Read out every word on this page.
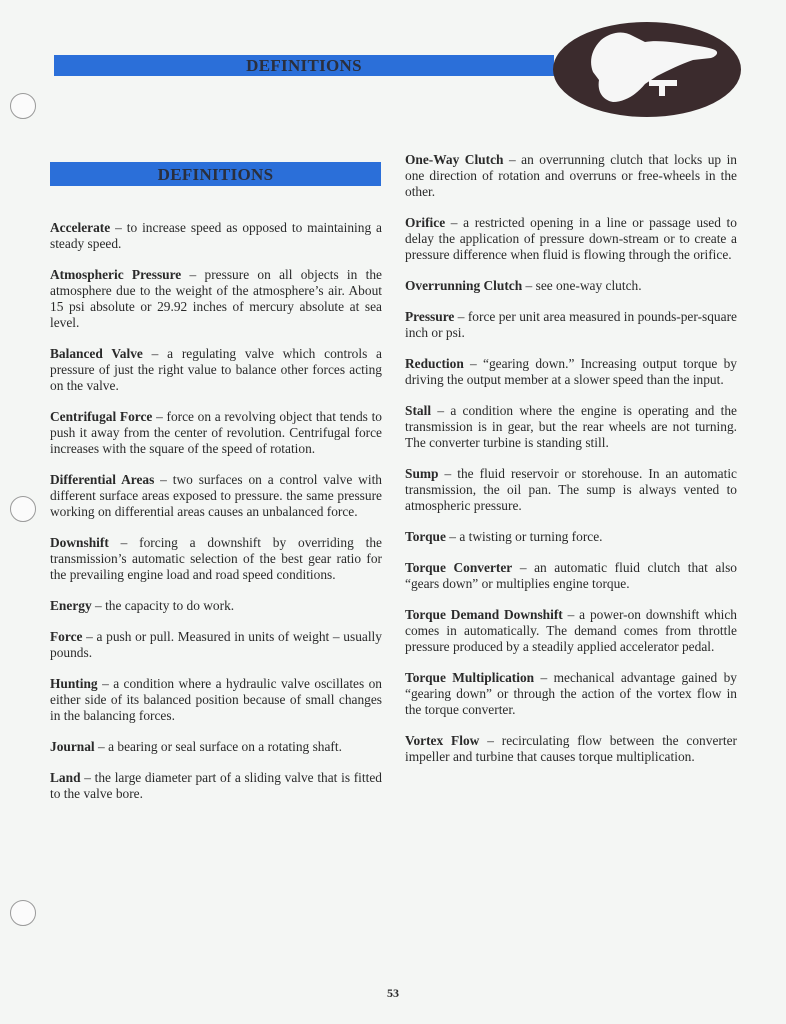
DEFINITIONS
DEFINITIONS

Accelerate – to increase speed as opposed to maintaining a steady speed.

Atmospheric Pressure – pressure on all objects in the atmosphere due to the weight of the atmosphere’s air. About 15 psi absolute or 29.92 inches of mercury absolute at sea level.

Balanced Valve – a regulating valve which controls a pressure of just the right value to balance other forces acting on the valve.

Centrifugal Force – force on a revolving object that tends to push it away from the center of revolution. Centrifugal force increases with the square of the speed of rotation.

Differential Areas – two surfaces on a control valve with different surface areas exposed to pressure. the same pressure working on differential areas causes an unbalanced force.

Downshift – forcing a downshift by overriding the transmission’s automatic selection of the best gear ratio for the prevailing engine load and road speed conditions.

Energy – the capacity to do work.

Force – a push or pull. Measured in units of weight – usually pounds.

Hunting – a condition where a hydraulic valve oscillates on either side of its balanced position because of small changes in the balancing forces.

Journal – a bearing or seal surface on a rotating shaft.

Land – the large diameter part of a sliding valve that is fitted to the valve bore.

One-Way Clutch – an overrunning clutch that locks up in one direction of rotation and overruns or free-wheels in the other.

Orifice – a restricted opening in a line or passage used to delay the application of pressure down-stream or to create a pressure difference when fluid is flowing through the orifice.

Overrunning Clutch – see one-way clutch.

Pressure – force per unit area measured in pounds-per-square inch or psi.

Reduction – “gearing down.” Increasing output torque by driving the output member at a slower speed than the input.

Stall – a condition where the engine is operating and the transmission is in gear, but the rear wheels are not turning. The converter turbine is standing still.

Sump – the fluid reservoir or storehouse. In an automatic transmission, the oil pan. The sump is always vented to atmospheric pressure.

Torque – a twisting or turning force.

Torque Converter – an automatic fluid clutch that also “gears down” or multiplies engine torque.

Torque Demand Downshift – a power-on downshift which comes in automatically. The demand comes from throttle pressure produced by a steadily applied accelerator pedal.

Torque Multiplication – mechanical advantage gained by “gearing down” or through the action of the vortex flow in the torque converter.

Vortex Flow – recirculating flow between the converter impeller and turbine that causes torque multiplication.

53
